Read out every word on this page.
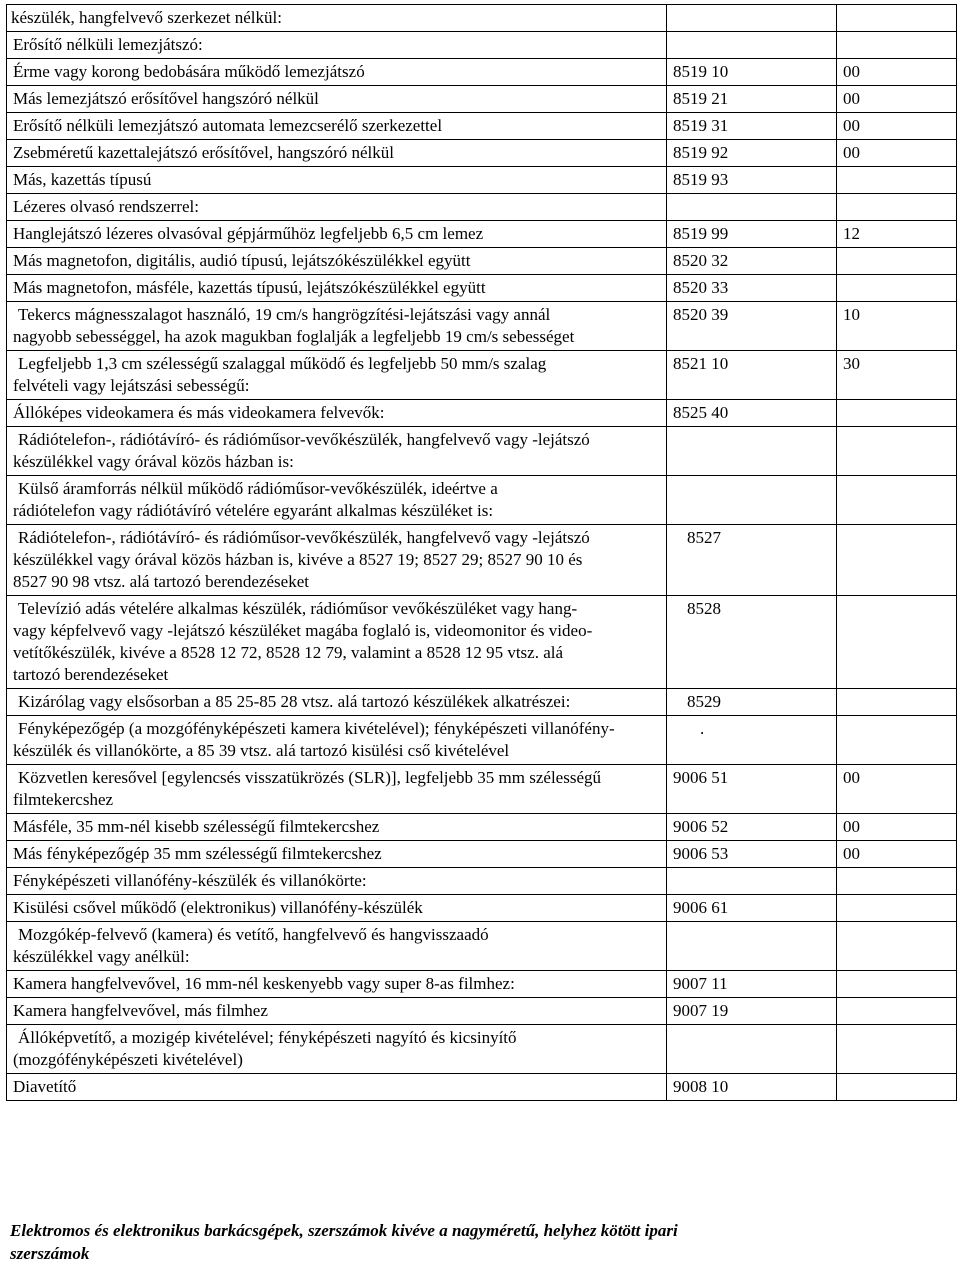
készülék, hangfelvevő szerkezet nélkül:		
Erősítő nélküli lemezjátszó:		
Érme vagy korong bedobására működő lemezjátszó	8519 10	00
Más lemezjátszó erősítővel hangszóró nélkül	8519 21	00
Erősítő nélküli lemezjátszó automata lemezcserélő szerkezettel	8519 31	00
Zsebméretű kazettalejátszó erősítővel, hangszóró nélkül	8519 92	00
Más, kazettás típusú	8519 93	
Lézeres olvasó rendszerrel:		
Hanglejátszó lézeres olvasóval gépjárműhöz legfeljebb 6,5 cm lemez	8519 99	12
Más magnetofon, digitális, audió típusú, lejátszókészülékkel együtt	8520 32	
Más magnetofon, másféle, kazettás típusú, lejátszókészülékkel együtt	8520 33	

Tekercs mágnesszalagot használó, 19 cm/s hangrögzítési-lejátszási vagy annál nagyobb sebességgel, ha azok magukban foglalják a legfeljebb 19 cm/s sebességet	8520 39	10

Legfeljebb 1,3 cm szélességű szalaggal működő és legfeljebb 50 mm/s szalag felvételi vagy lejátszási sebességű:	8521 10	30
Állóképes videokamera és más videokamera felvevők:	8525 40	

Rádiótelefon-, rádiótávíró- és rádióműsor-vevőkészülék, hangfelvevő vagy -lejátszó készülékkel vagy órával közös házban is:		

Külső áramforrás nélkül működő rádióműsor-vevőkészülék, ideértve a rádiótelefon vagy rádiótávíró vételére egyaránt alkalmas készüléket is:		

Rádiótelefon-, rádiótávíró- és rádióműsor-vevőkészülék, hangfelvevő vagy -lejátszó készülékkel vagy órával közös házban is, kivéve a 8527 19; 8527 29; 8527 90 10 és 8527 90 98 vtsz. alá tartozó berendezéseket	8527	

Televízió adás vételére alkalmas készülék, rádióműsor vevőkészüléket vagy hang- vagy képfelvevő vagy -lejátszó készüléket magába foglaló is, videomonitor és video-vetítőkészülék, kivéve a 8528 12 72, 8528 12 79, valamint a 8528 12 95 vtsz. alá tartozó berendezéseket	8528	

Kizárólag vagy elsősorban a 85 25-85 28 vtsz. alá tartozó készülékek alkatrészei:	8529	

Fényképezőgép (a mozgófényképészeti kamera kivételével); fényképészeti villanófény-készülék és villanókörte, a 85 39 vtsz. alá tartozó kisülési cső kivételével	.	

Közvetlen keresővel [egylencsés visszatükrözés (SLR)], legfeljebb 35 mm szélességű filmtekercshez	9006 51	00
Másféle, 35 mm-nél kisebb szélességű filmtekercshez	9006 52	00
Más fényképezőgép 35 mm szélességű filmtekercshez	9006 53	00
Fényképészeti villanófény-készülék és villanókörte:		
Kisülési csővel működő (elektronikus) villanófény-készülék	9006 61	

Mozgókép-felvevő (kamera) és vetítő, hangfelvevő és hangvisszaadó készülékkel vagy anélkül:		

Kamera hangfelvevővel, 16 mm-nél keskenyebb vagy super 8-as filmhez:	9007 11	
Kamera hangfelvevővel, más filmhez	9007 19	

Állóképvetítő, a mozigép kivételével; fényképészeti nagyító és kicsinyítő (mozgófényképészeti kivételével)		

Diavetítő	9008 10	
Elektromos és elektronikus barkácsgépek, szerszámok kivéve a nagyméretű, helyhez kötött ipari szerszámok
